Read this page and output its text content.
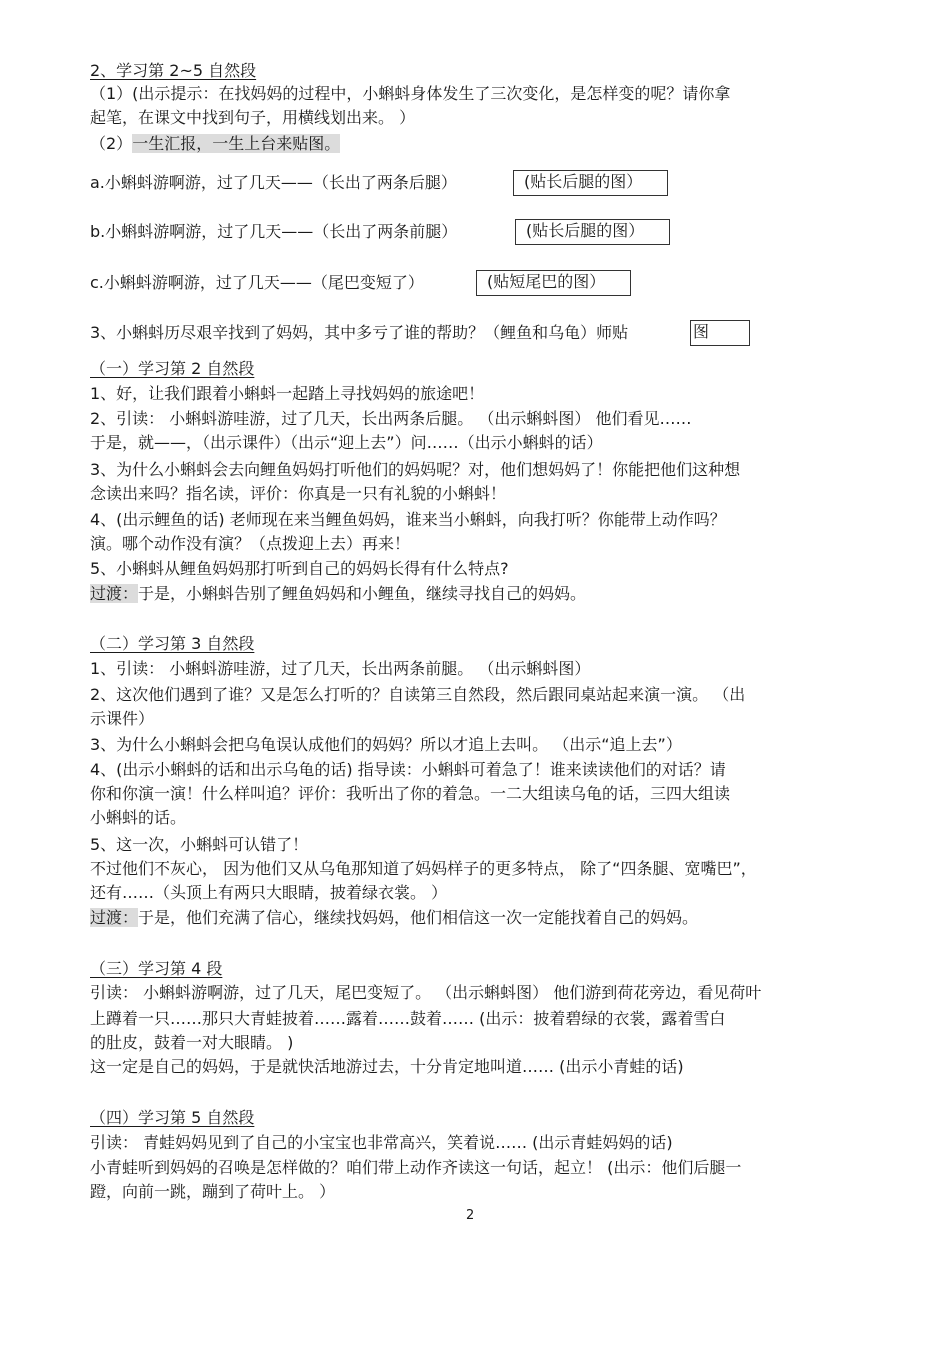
2、学习第 2~5 自然段
（1）(出示提示：在找妈妈的过程中，小蝌蚪身体发生了三次变化，是怎样变的呢？请你拿
起笔，在课文中找到句子，用横线划出来。 ）
（2）一生汇报，一生上台来贴图。
a.小蝌蚪游啊游，过了几天——（长出了两条后腿）	(贴长后腿的图）
b.小蝌蚪游啊游，过了几天——（长出了两条前腿）	(贴长后腿的图）
c.小蝌蚪游啊游，过了几天——（尾巴变短了）	(贴短尾巴的图）
3、小蝌蚪历尽艰辛找到了妈妈，其中多亏了谁的帮助？（鲤鱼和乌龟）师贴	图
（一）学习第 2 自然段
1、好，让我们跟着小蝌蚪一起踏上寻找妈妈的旅途吧！
2、引读： 小蝌蚪游哇游，过了几天，长出两条后腿。 （出示蝌蚪图） 他们看见……
于是，就——，（出示课件）（出示“迎上去”）问……（出示小蝌蚪的话）
3、为什么小蝌蚪会去向鲤鱼妈妈打听他们的妈妈呢？对，他们想妈妈了！你能把他们这种想
念读出来吗？指名读，评价：你真是一只有礼貌的小蝌蚪！
4、(出示鲤鱼的话) 老师现在来当鲤鱼妈妈，谁来当小蝌蚪，向我打听？你能带上动作吗？
演。哪个动作没有演？（点拨迎上去）再来！
5、小蝌蚪从鲤鱼妈妈那打听到自己的妈妈长得有什么特点?
过渡：于是，小蝌蚪告别了鲤鱼妈妈和小鲤鱼，继续寻找自己的妈妈。
（二）学习第 3 自然段
1、引读： 小蝌蚪游哇游，过了几天，长出两条前腿。 （出示蝌蚪图）
2、这次他们遇到了谁？又是怎么打听的？自读第三自然段，然后跟同桌站起来演一演。 （出
示课件）
3、为什么小蝌蚪会把乌龟误认成他们的妈妈？所以才追上去叫。 （出示“追上去”）
4、(出示小蝌蚪的话和出示乌龟的话) 指导读：小蝌蚪可着急了！谁来读读他们的对话？请
你和你演一演！什么样叫追？评价：我听出了你的着急。一二大组读乌龟的话，三四大组读
小蝌蚪的话。
5、这一次，小蝌蚪可认错了！
不过他们不灰心， 因为他们又从乌龟那知道了妈妈样子的更多特点， 除了“四条腿、宽嘴巴”，
还有……（头顶上有两只大眼睛，披着绿衣裳。 ）
过渡：于是，他们充满了信心，继续找妈妈，他们相信这一次一定能找着自己的妈妈。
（三）学习第 4 段
引读： 小蝌蚪游啊游，过了几天，尾巴变短了。 （出示蝌蚪图） 他们游到荷花旁边，看见荷叶
上蹲着一只……那只大青蛙披着……露着……鼓着…… (出示：披着碧绿的衣裳，露着雪白
的肚皮，鼓着一对大眼睛。 )
这一定是自己的妈妈，于是就快活地游过去，十分肯定地叫道…… (出示小青蛙的话)
（四）学习第 5 自然段
引读： 青蛙妈妈见到了自己的小宝宝也非常高兴，笑着说…… (出示青蛙妈妈的话)
小青蛙听到妈妈的召唤是怎样做的？咱们带上动作齐读这一句话，起立！ (出示：他们后腿一
蹬，向前一跳，蹦到了荷叶上。 ）
2
